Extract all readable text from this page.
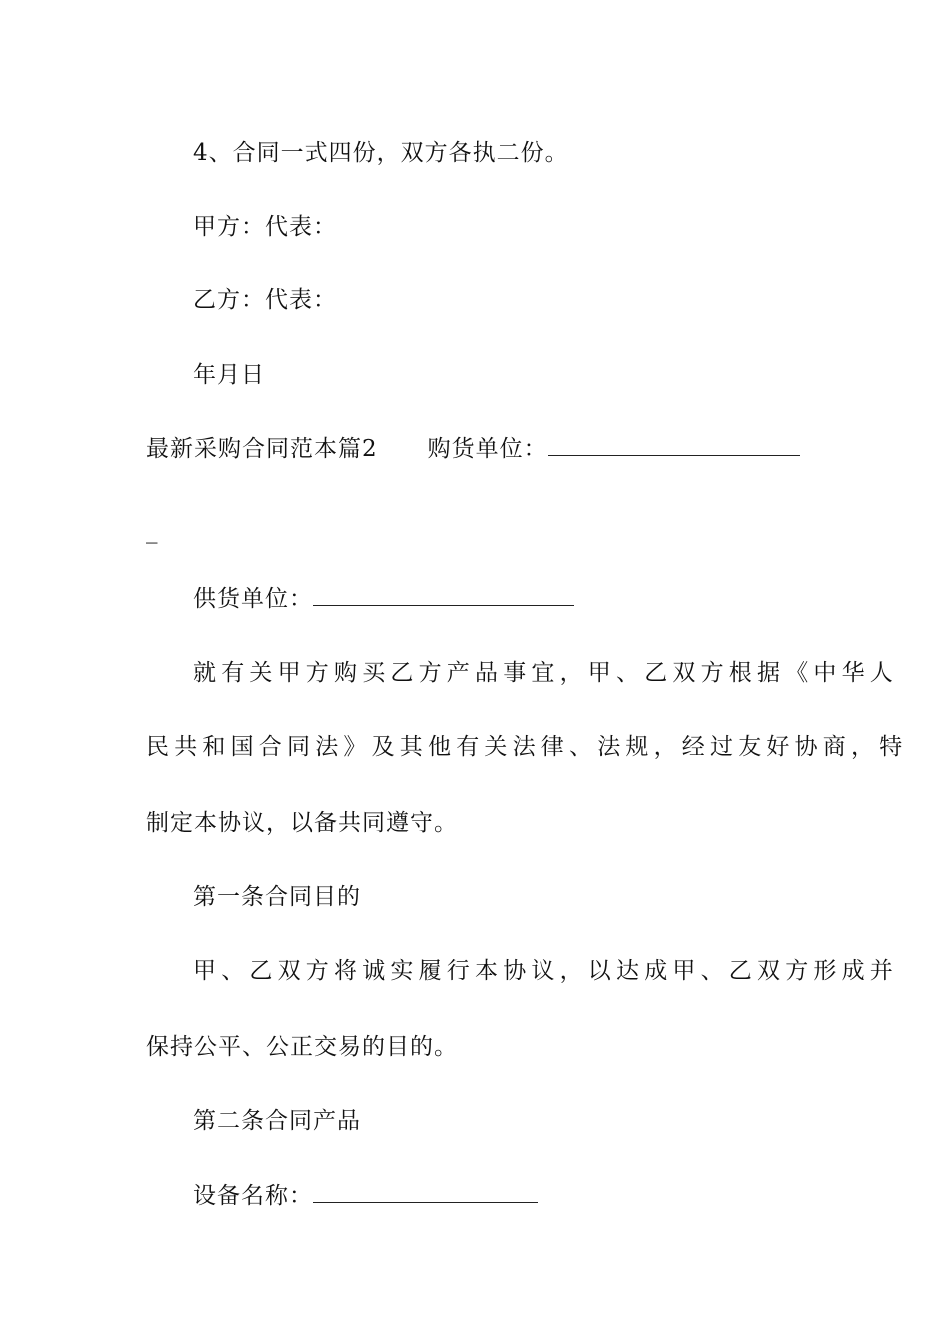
4、合同一式四份，双方各执二份。
甲方：代表：
乙方：代表：
年月日
最新采购合同范本篇2 购货单位：
_
供货单位：
就有关甲方购买乙方产品事宜，甲、乙双方根据《中华人
民共和国合同法》及其他有关法律、法规，经过友好协商，特
制定本协议，以备共同遵守。
第一条合同目的
甲、乙双方将诚实履行本协议，以达成甲、乙双方形成并
保持公平、公正交易的目的。
第二条合同产品
设备名称：
